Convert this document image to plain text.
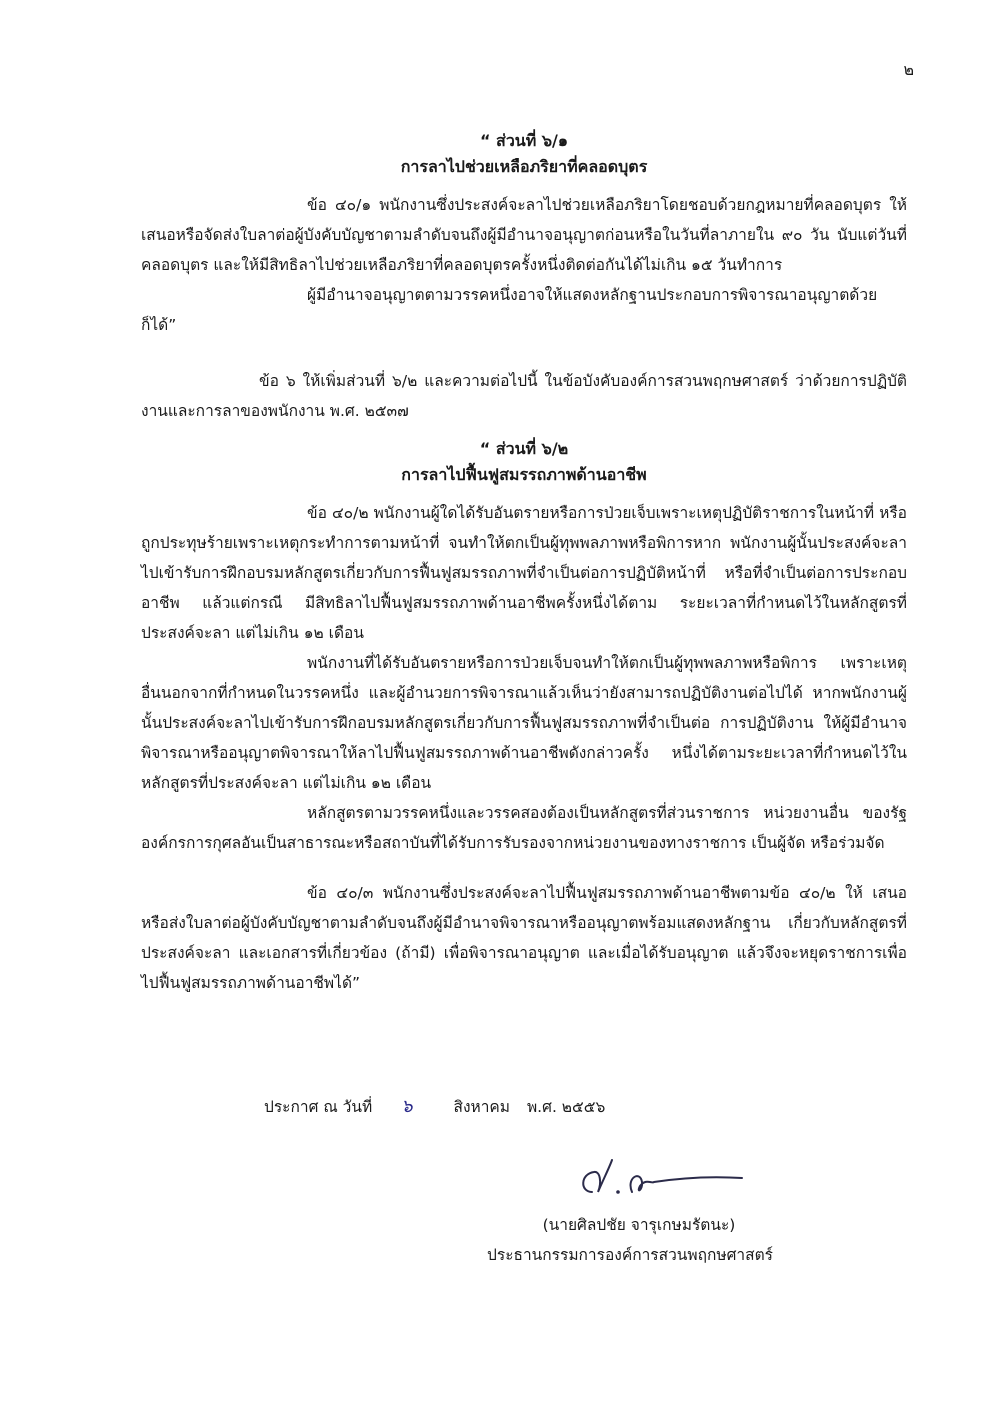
๒

“ ส่วนที่ ๖/๑

การลาไปช่วยเหลือภริยาที่คลอดบุตร

ข้อ ๔๐/๑ พนักงานซึ่งประสงค์จะลาไปช่วยเหลือภริยาโดยชอบด้วยกฎหมายที่คลอดบุตร ให้เสนอหรือจัดส่งใบลาต่อผู้บังคับบัญชาตามลำดับจนถึงผู้มีอำนาจอนุญาตก่อนหรือในวันที่ลาภายใน ๙๐ วัน นับแต่วันที่คลอดบุตร และให้มีสิทธิลาไปช่วยเหลือภริยาที่คลอดบุตรครั้งหนึ่งติดต่อกันได้ไม่เกิน ๑๕ วันทำการ

ผู้มีอำนาจอนุญาตตามวรรคหนึ่งอาจให้แสดงหลักฐานประกอบการพิจารณาอนุญาตด้วยก็ได้”

ข้อ ๖ ให้เพิ่มส่วนที่ ๖/๒ และความต่อไปนี้ ในข้อบังคับองค์การสวนพฤกษศาสตร์ ว่าด้วยการปฏิบัติงานและการลาของพนักงาน พ.ศ. ๒๕๓๗

“ ส่วนที่ ๖/๒

การลาไปฟื้นฟูสมรรถภาพด้านอาชีพ

ข้อ ๔๐/๒ พนักงานผู้ใดได้รับอันตรายหรือการป่วยเจ็บเพราะเหตุปฏิบัติราชการในหน้าที่ หรือถูกประทุษร้ายเพราะเหตุกระทำการตามหน้าที่ จนทำให้ตกเป็นผู้ทุพพลภาพหรือพิการหาก พนักงานผู้นั้นประสงค์จะลาไปเข้ารับการฝึกอบรมหลักสูตรเกี่ยวกับการฟื้นฟูสมรรถภาพที่จำเป็นต่อการปฏิบัติหน้าที่ หรือที่จำเป็นต่อการประกอบอาชีพ แล้วแต่กรณี มีสิทธิลาไปฟื้นฟูสมรรถภาพด้านอาชีพครั้งหนึ่งได้ตาม ระยะเวลาที่กำหนดไว้ในหลักสูตรที่ประสงค์จะลา แต่ไม่เกิน ๑๒ เดือน

พนักงานที่ได้รับอันตรายหรือการป่วยเจ็บจนทำให้ตกเป็นผู้ทุพพลภาพหรือพิการ เพราะเหตุอื่นนอกจากที่กำหนดในวรรคหนึ่ง และผู้อำนวยการพิจารณาแล้วเห็นว่ายังสามารถปฏิบัติงานต่อไปได้ หากพนักงานผู้นั้นประสงค์จะลาไปเข้ารับการฝึกอบรมหลักสูตรเกี่ยวกับการฟื้นฟูสมรรถภาพที่จำเป็นต่อ การปฏิบัติงาน ให้ผู้มีอำนาจพิจารณาหรืออนุญาตพิจารณาให้ลาไปฟื้นฟูสมรรถภาพด้านอาชีพดังกล่าวครั้ง หนึ่งได้ตามระยะเวลาที่กำหนดไว้ในหลักสูตรที่ประสงค์จะลา แต่ไม่เกิน ๑๒ เดือน

หลักสูตรตามวรรคหนึ่งและวรรคสองต้องเป็นหลักสูตรที่ส่วนราชการ หน่วยงานอื่น ของรัฐ องค์กรการกุศลอันเป็นสาธารณะหรือสถาบันที่ได้รับการรับรองจากหน่วยงานของทางราชการ เป็นผู้จัด หรือร่วมจัด

ข้อ ๔๐/๓ พนักงานซึ่งประสงค์จะลาไปฟื้นฟูสมรรถภาพด้านอาชีพตามข้อ ๔๐/๒ ให้ เสนอหรือส่งใบลาต่อผู้บังคับบัญชาตามลำดับจนถึงผู้มีอำนาจพิจารณาหรืออนุญาตพร้อมแสดงหลักฐาน เกี่ยวกับหลักสูตรที่ประสงค์จะลา และเอกสารที่เกี่ยวข้อง (ถ้ามี) เพื่อพิจารณาอนุญาต และเมื่อได้รับอนุญาต แล้วจึงจะหยุดราชการเพื่อไปฟื้นฟูสมรรถภาพด้านอาชีพได้”

ประกาศ ณ วันที่ ๖	สิงหาคม พ.ศ. ๒๕๕๖
(นายศิลปชัย จารุเกษมรัตนะ)
ประธานกรรมการองค์การสวนพฤกษศาสตร์
